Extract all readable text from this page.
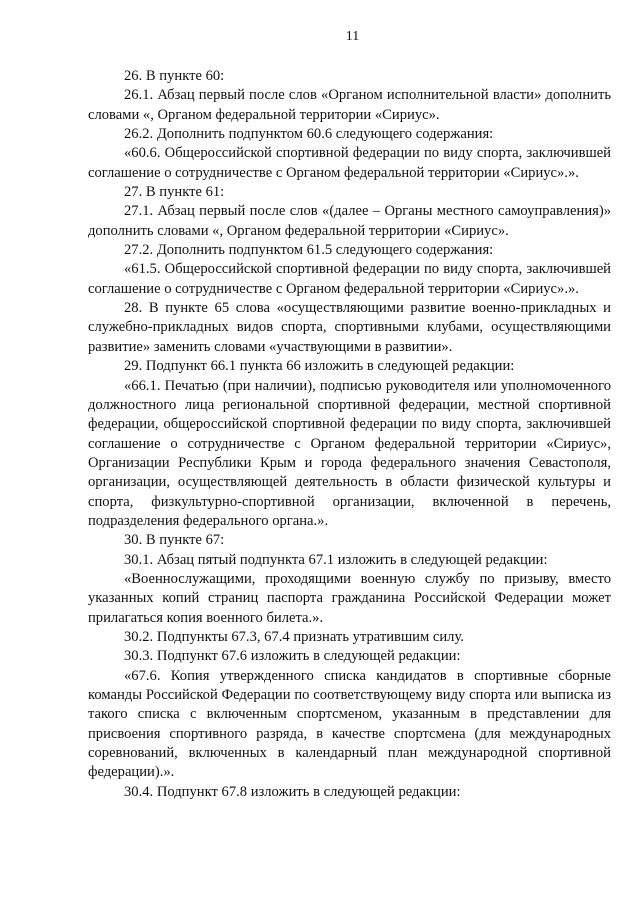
11

26. В пункте 60:

26.1. Абзац первый после слов «Органом исполнительной власти» дополнить словами «, Органом федеральной территории «Сириус».

26.2. Дополнить подпунктом 60.6 следующего содержания:

«60.6. Общероссийской спортивной федерации по виду спорта, заключившей соглашение о сотрудничестве с Органом федеральной территории «Сириус».».

27. В пункте 61:

27.1. Абзац первый после слов «(далее – Органы местного самоуправления)» дополнить словами «, Органом федеральной территории «Сириус».

27.2. Дополнить подпунктом 61.5 следующего содержания:

«61.5. Общероссийской спортивной федерации по виду спорта, заключившей соглашение о сотрудничестве с Органом федеральной территории «Сириус».».

28. В пункте 65 слова «осуществляющими развитие военно-прикладных и служебно-прикладных видов спорта, спортивными клубами, осуществляющими развитие» заменить словами «участвующими в развитии».

29. Подпункт 66.1 пункта 66 изложить в следующей редакции:

«66.1. Печатью (при наличии), подписью руководителя или уполномоченного должностного лица региональной спортивной федерации, местной спортивной федерации, общероссийской спортивной федерации по виду спорта, заключившей соглашение о сотрудничестве с Органом федеральной территории «Сириус», Организации Республики Крым и города федерального значения Севастополя, организации, осуществляющей деятельность в области физической культуры и спорта, физкультурно-спортивной организации, включенной в перечень, подразделения федерального органа.».

30. В пункте 67:

30.1. Абзац пятый подпункта 67.1 изложить в следующей редакции:

«Военнослужащими, проходящими военную службу по призыву, вместо указанных копий страниц паспорта гражданина Российской Федерации может прилагаться копия военного билета.».

30.2. Подпункты 67.3, 67.4 признать утратившим силу.

30.3. Подпункт 67.6 изложить в следующей редакции:

«67.6. Копия утвержденного списка кандидатов в спортивные сборные команды Российской Федерации по соответствующему виду спорта или выписка из такого списка с включенным спортсменом, указанным в представлении для присвоения спортивного разряда, в качестве спортсмена (для международных соревнований, включенных в календарный план международной спортивной федерации).».

30.4. Подпункт 67.8 изложить в следующей редакции:
